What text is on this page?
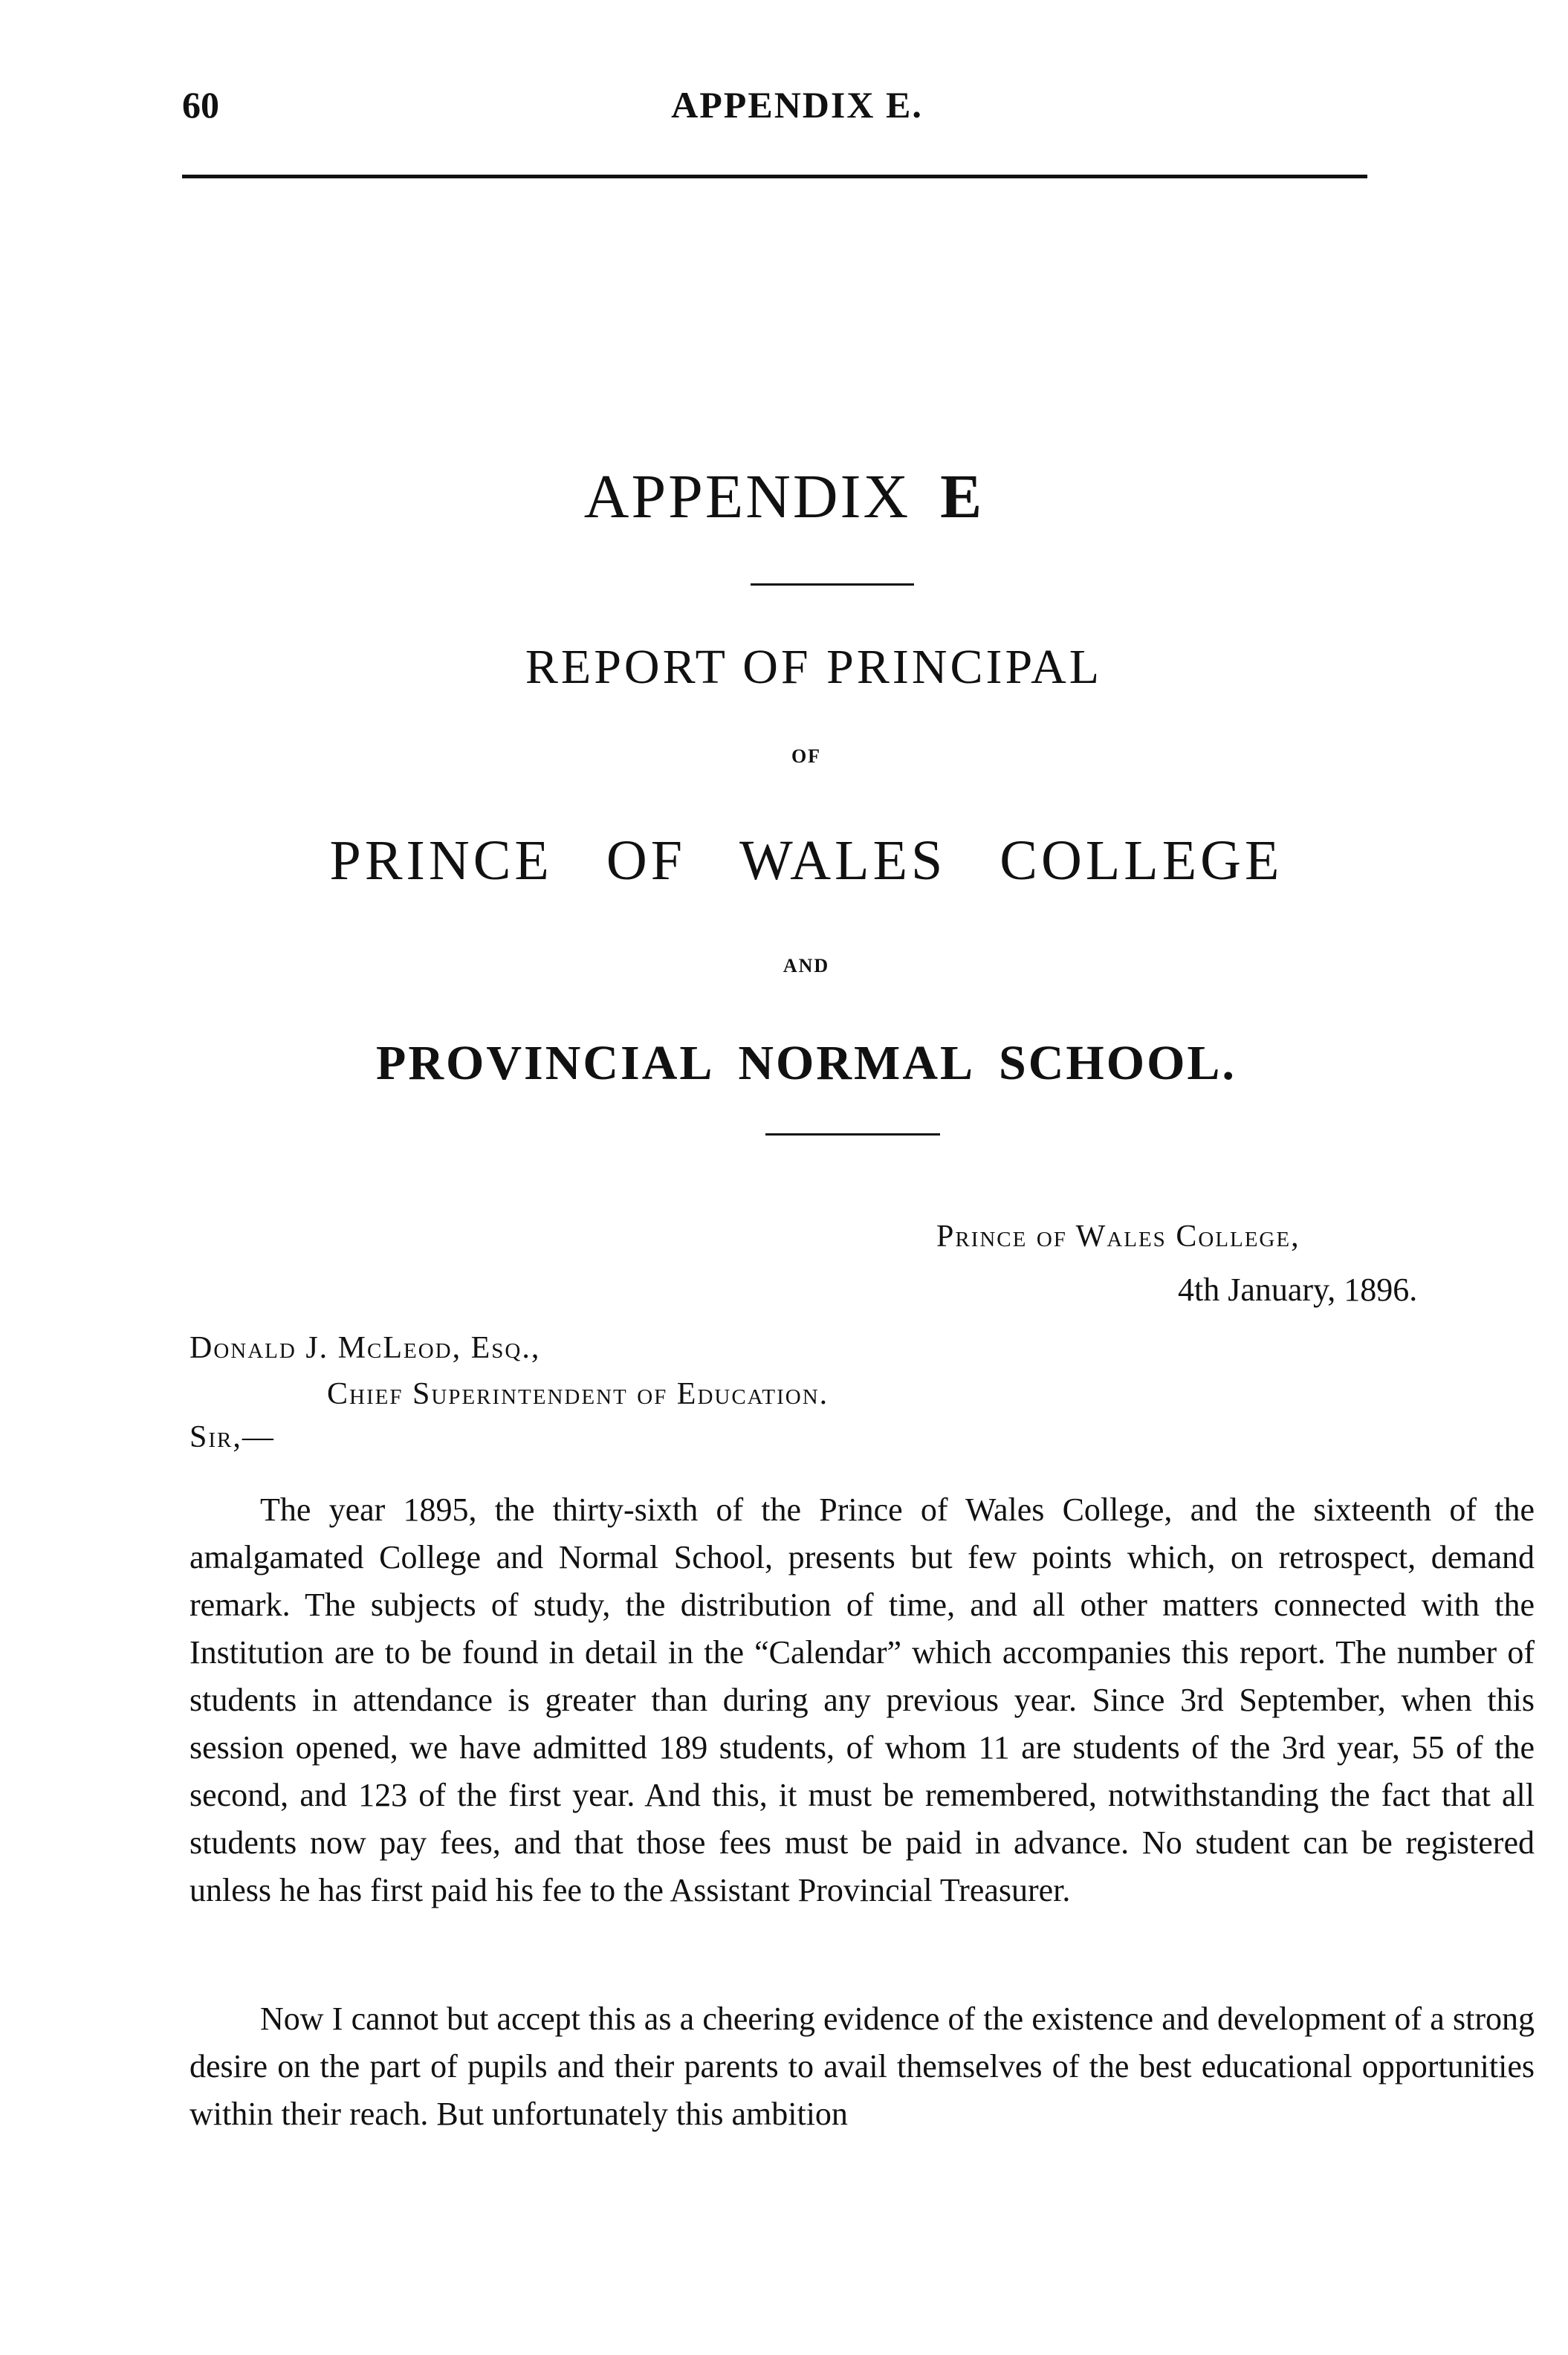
60	APPENDIX E.
APPENDIX E
REPORT OF PRINCIPAL
OF
PRINCE OF WALES COLLEGE
AND
PROVINCIAL NORMAL SCHOOL.
Prince of Wales College,
4th January, 1896.
Donald J. McLeod, Esq.,
Chief Superintendent of Education.
Sir,—

The year 1895, the thirty-sixth of the Prince of Wales College, and the sixteenth of the amalgamated College and Normal School, presents but few points which, on retrospect, demand remark. The subjects of study, the distribution of time, and all other matters connected with the Institution are to be found in detail in the “Calendar” which accompanies this report. The number of students in attendance is greater than during any previous year. Since 3rd September, when this session opened, we have admitted 189 students, of whom 11 are students of the 3rd year, 55 of the second, and 123 of the first year. And this, it must be remembered, notwithstanding the fact that all students now pay fees, and that those fees must be paid in advance. No student can be registered unless he has first paid his fee to the Assistant Provincial Treasurer.

Now I cannot but accept this as a cheering evidence of the existence and development of a strong desire on the part of pupils and their parents to avail themselves of the best educational opportunities within their reach. But unfortunately this ambition
